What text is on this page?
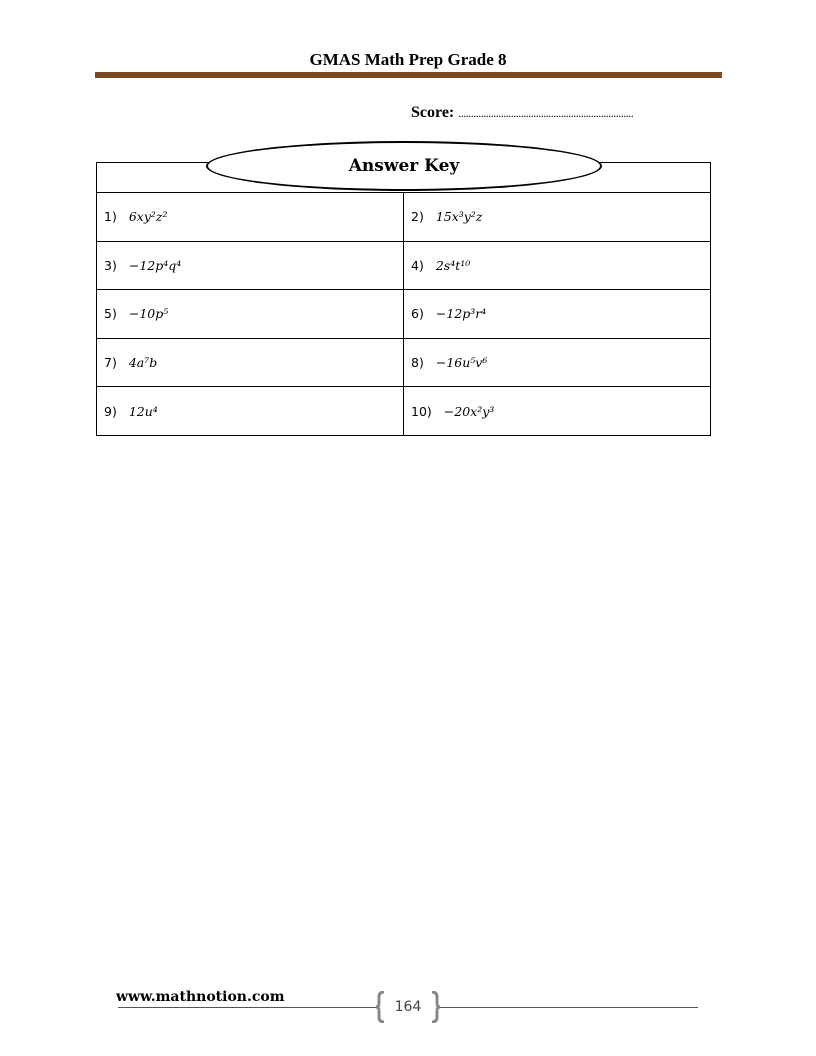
GMAS Math Prep Grade 8
Score: ......................................................................
1) 6xy²z²	2) 15x³y²z
3) −12p⁴q⁴	4) 2s⁴t¹⁰
5) −10p⁵	6) −12p³r⁴
7) 4a⁷b	8) −16u⁵v⁶
9) 12u⁴	10) −20x²y³
Answer Key
www.mathnotion.com
164
